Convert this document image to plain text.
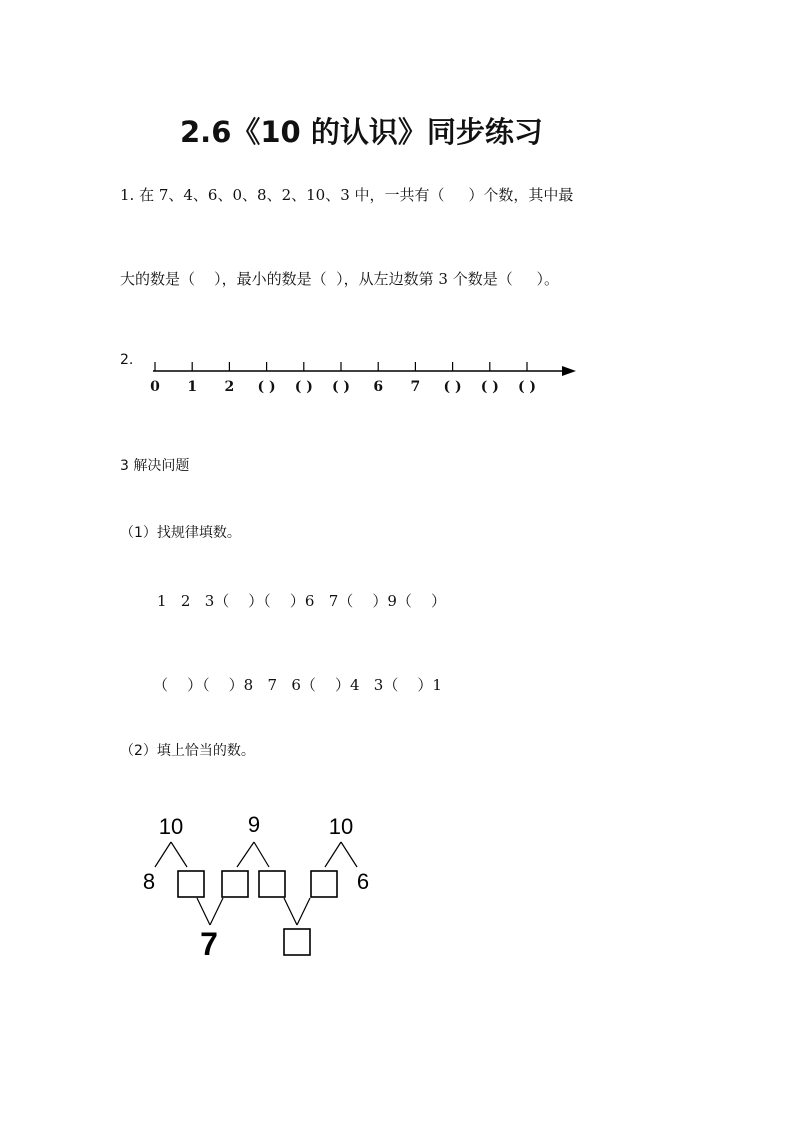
2.6《10 的认识》同步练习
1. 在 7、4、6、0、8、2、10、3 中，一共有（     ）个数，其中最
大的数是（    ），最小的数是（  ），从左边数第 3 个数是（     ）。
2.
0	1	2	( ) ( ) ( )	6	7	( ) ( ) ( )
3 解决问题
（1）找规律填数。
1   2   3（    ）（    ）6   7（    ）9（    ）
（    ）（    ）8   7   6（    ）4   3（    ）1
（2）填上恰当的数。
10	9	10
8	6
7
